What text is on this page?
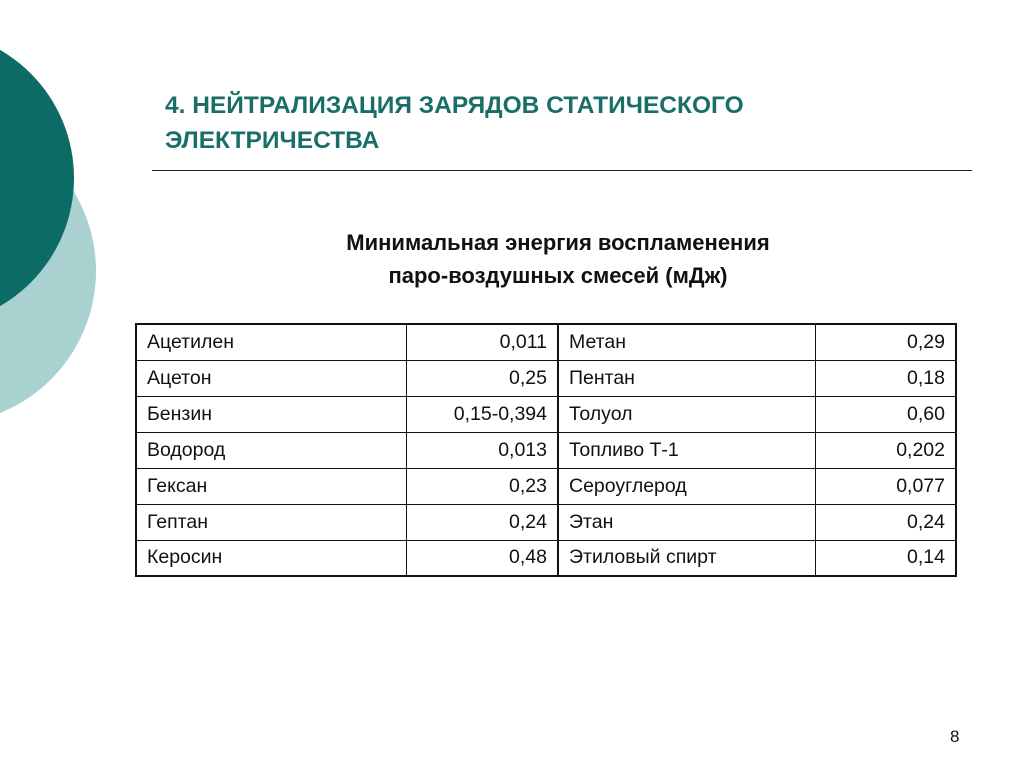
4. НЕЙТРАЛИЗАЦИЯ ЗАРЯДОВ СТАТИЧЕСКОГО
ЭЛЕКТРИЧЕСТВА
Минимальная энергия воспламенения
паро-воздушных смесей (мДж)
Ацетилен	0,011	Метан	0,29
Ацетон	0,25	Пентан	0,18
Бензин	0,15-0,394	Толуол	0,60
Водород	0,013	Топливо Т-1	0,202
Гексан	0,23	Сероуглерод	0,077
Гептан	0,24	Этан	0,24
Керосин	0,48	Этиловый спирт	0,14
8
